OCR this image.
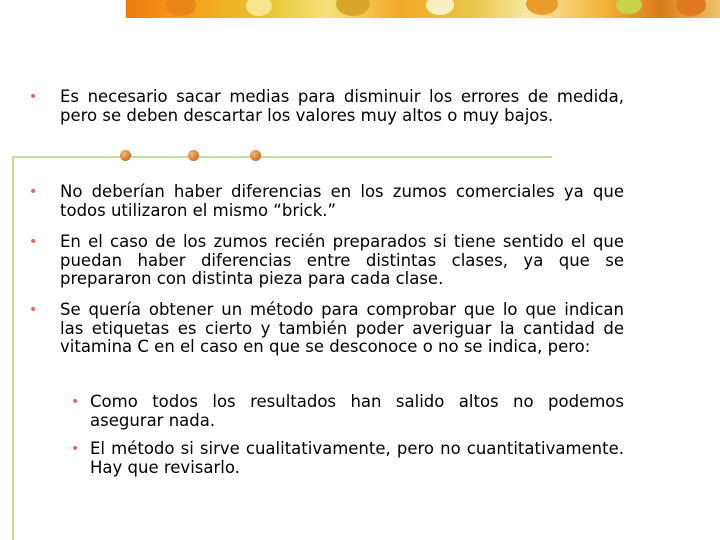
• Es necesario sacar medias para disminuir los errores de medida, pero se deben descartar los valores muy altos o muy bajos.

• No deberían haber diferencias en los zumos comerciales ya que todos utilizaron el mismo “brick.”

• En el caso de los zumos recién preparados si tiene sentido el que puedan haber diferencias entre distintas clases, ya que se prepararon con distinta pieza para cada clase.

• Se quería obtener un método para comprobar que lo que indican las etiquetas es cierto y también poder averiguar la cantidad de vitamina C en el caso en que se desconoce o no se indica, pero:

• Como todos los resultados han salido altos no podemos asegurar nada.

• El método si sirve cualitativamente, pero no cuantitativamente. Hay que revisarlo.
